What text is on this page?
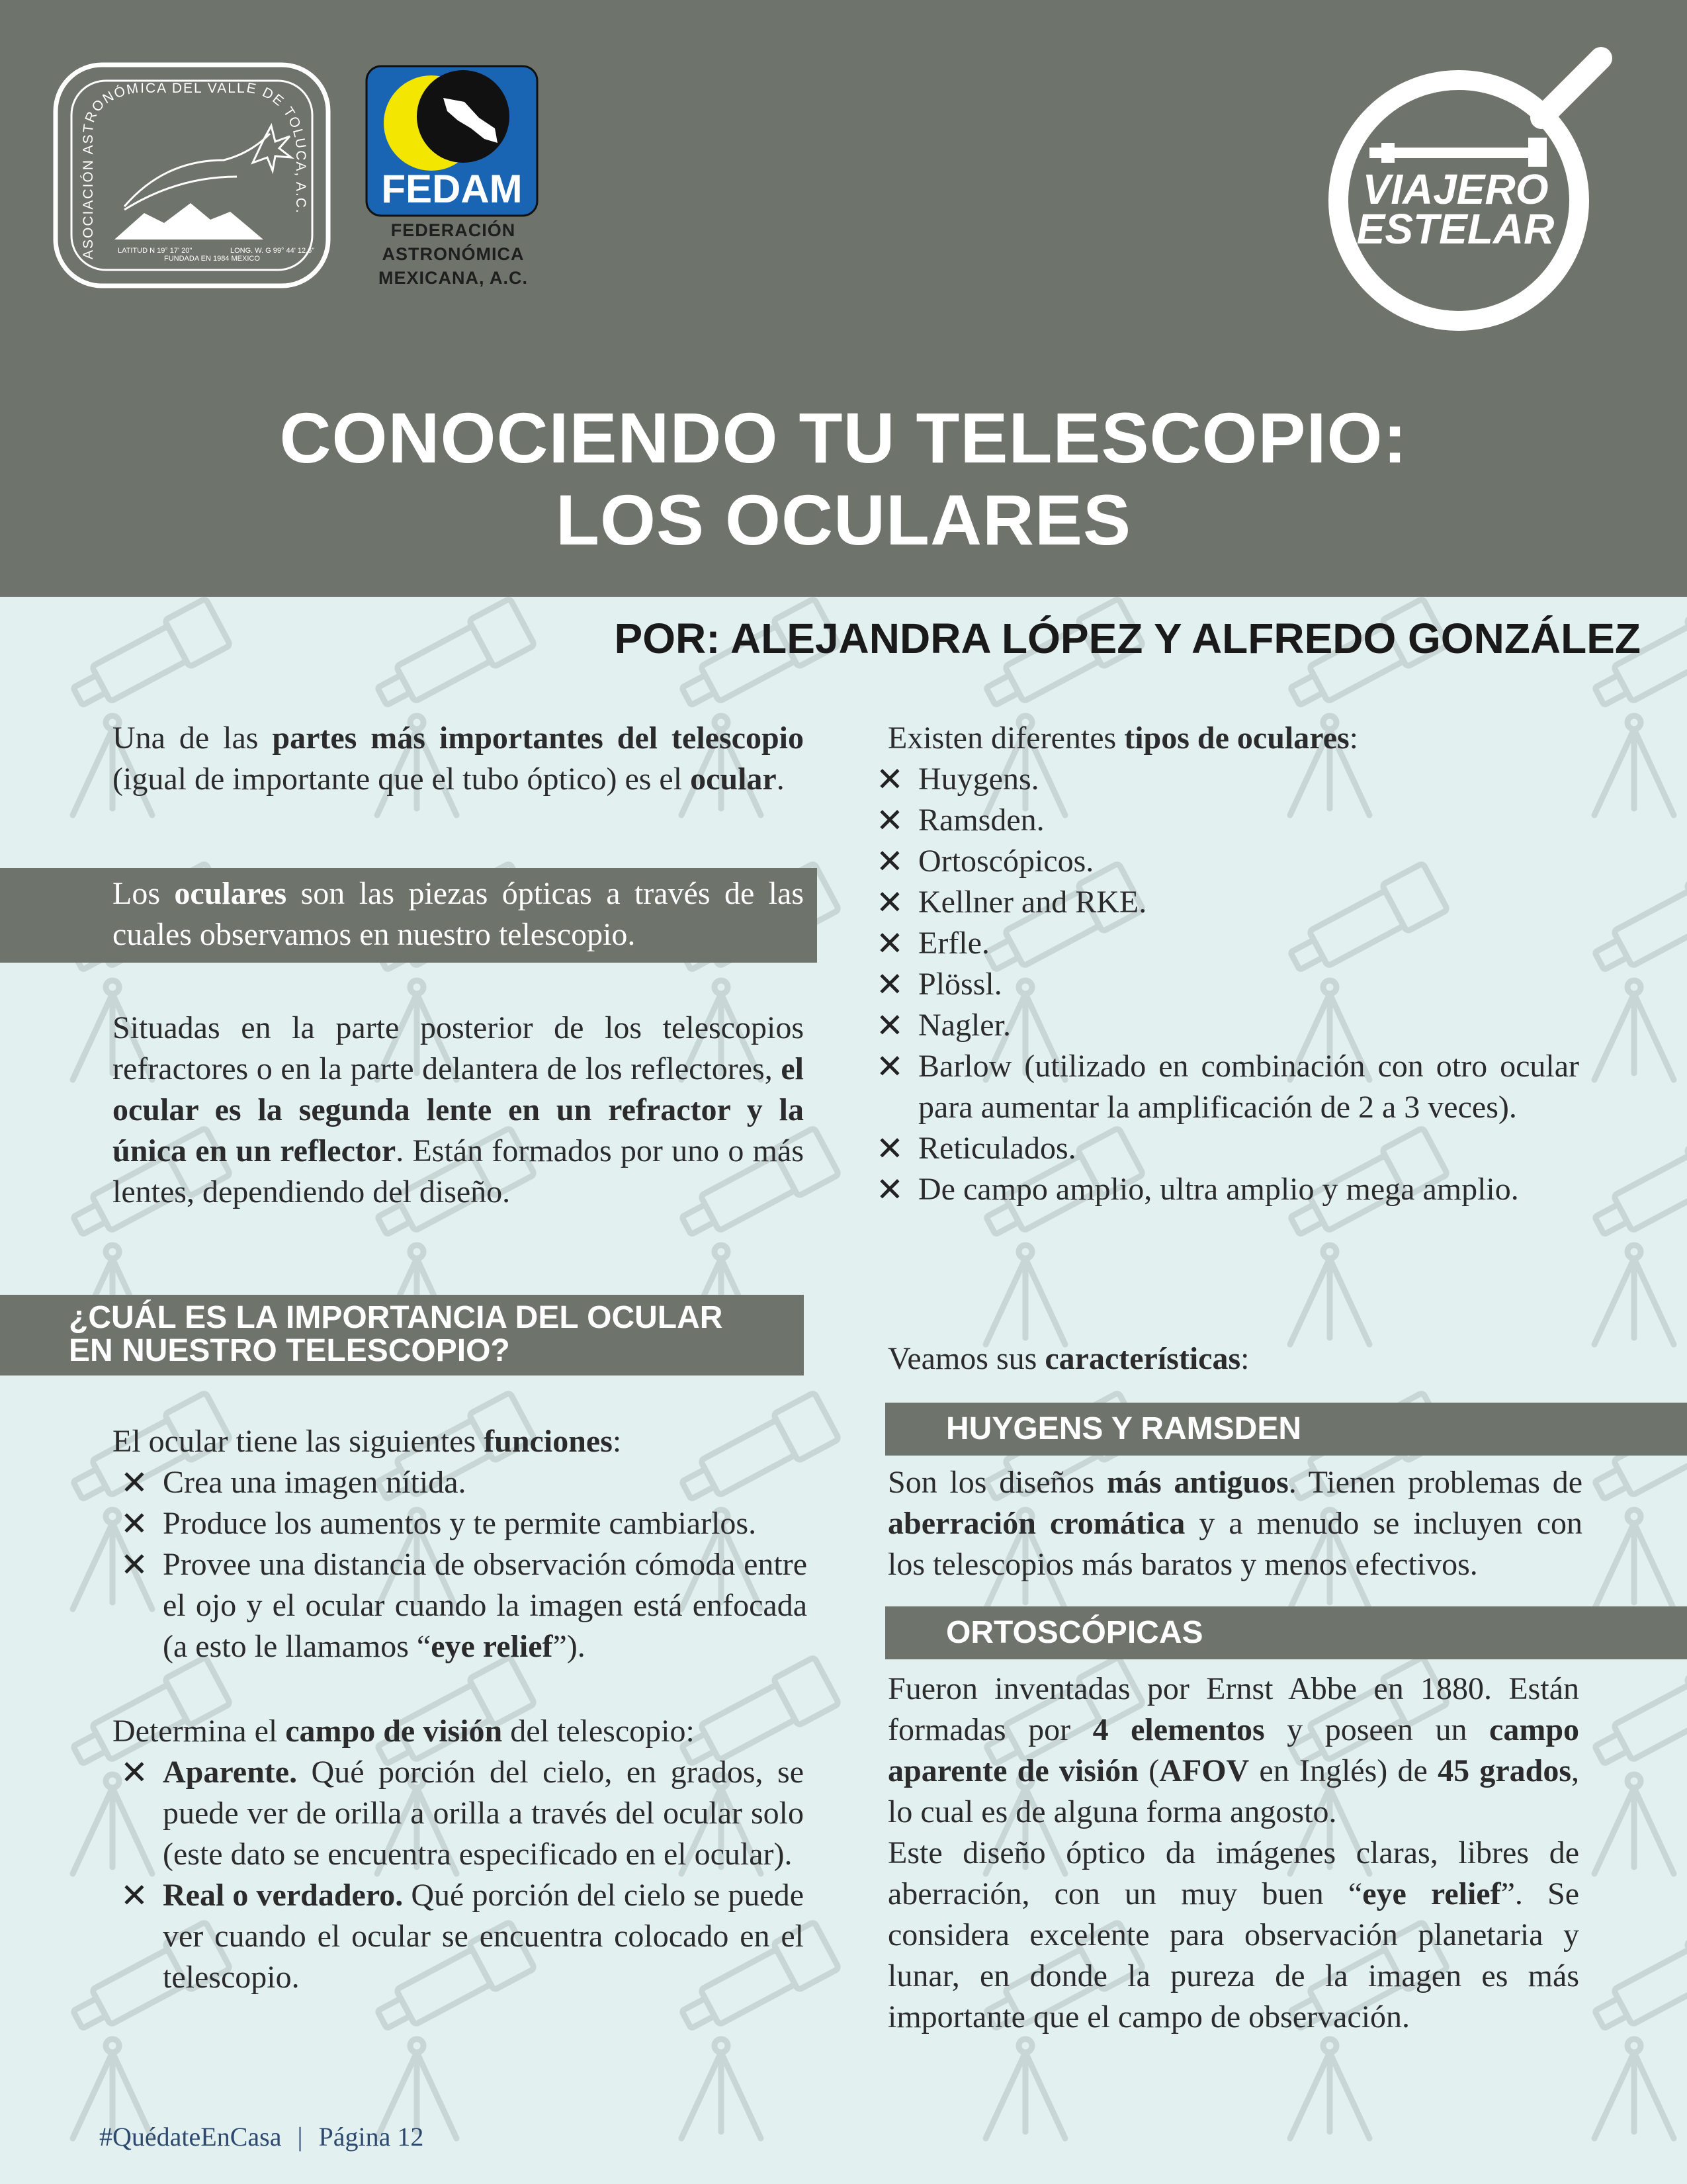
ASOCIACIÓN ASTRONÓMICA DEL VALLE DE TOLUCA, A.C.
LATITUD N 19° 17' 20"
FUNDADA EN 1984 MEXICO
LONG. W. G 99° 44' 12.6"
FEDAM
FEDERACIÓN
ASTRONÓMICA
MEXICANA, A.C.
VIAJERO
ESTELAR
CONOCIENDO TU TELESCOPIO:
LOS OCULARES
POR: ALEJANDRA LÓPEZ Y ALFREDO GONZÁLEZ

Una de las partes más importantes del telescopio (igual de importante que el tubo óptico) es el ocular.

Los oculares son las piezas ópticas a través de las cuales observamos en nuestro telescopio.

Situadas en la parte posterior de los telescopios refractores o en la parte delantera de los reflectores, el ocular es la segunda lente en un refractor y la única en un reflector. Están formados por uno o más lentes, dependiendo del diseño.

¿CUÁL ES LA IMPORTANCIA DEL OCULAR
EN NUESTRO TELESCOPIO?

El ocular tiene las siguientes funciones:

✕ Crea una imagen nítida.
✕ Produce los aumentos y te permite cambiarlos.
✕ Provee una distancia de observación cómoda entre el ojo y el ocular cuando la imagen está enfocada (a esto le llamamos “eye relief”).

Determina el campo de visión del telescopio:

✕ Aparente. Qué porción del cielo, en grados, se puede ver de orilla a orilla a través del ocular solo (este dato se encuentra especificado en el ocular).
✕ Real o verdadero. Qué porción del cielo se puede ver cuando el ocular se encuentra colocado en el telescopio.

Existen diferentes tipos de oculares:

✕ Huygens.
✕ Ramsden.
✕ Ortoscópicos.
✕ Kellner and RKE.
✕ Erfle.
✕ Plössl.
✕ Nagler.
✕ Barlow (utilizado en combinación con otro ocular para aumentar la amplificación de 2 a 3 veces).
✕ Reticulados.
✕ De campo amplio, ultra amplio y mega amplio.

Veamos sus características:

HUYGENS Y RAMSDEN

Son los diseños más antiguos. Tienen problemas de aberración cromática y a menudo se incluyen con los telescopios más baratos y menos efectivos.

ORTOSCÓPICAS

Fueron inventadas por Ernst Abbe en 1880. Están formadas por 4 elementos y poseen un campo aparente de visión (AFOV en Inglés) de 45 grados, lo cual es de alguna forma angosto.

Este diseño óptico da imágenes claras, libres de aberración, con un muy buen “eye relief”. Se considera excelente para observación planetaria y lunar, en donde la pureza de la imagen es más importante que el campo de observación.

#QuédateEnCasa | Página 12
